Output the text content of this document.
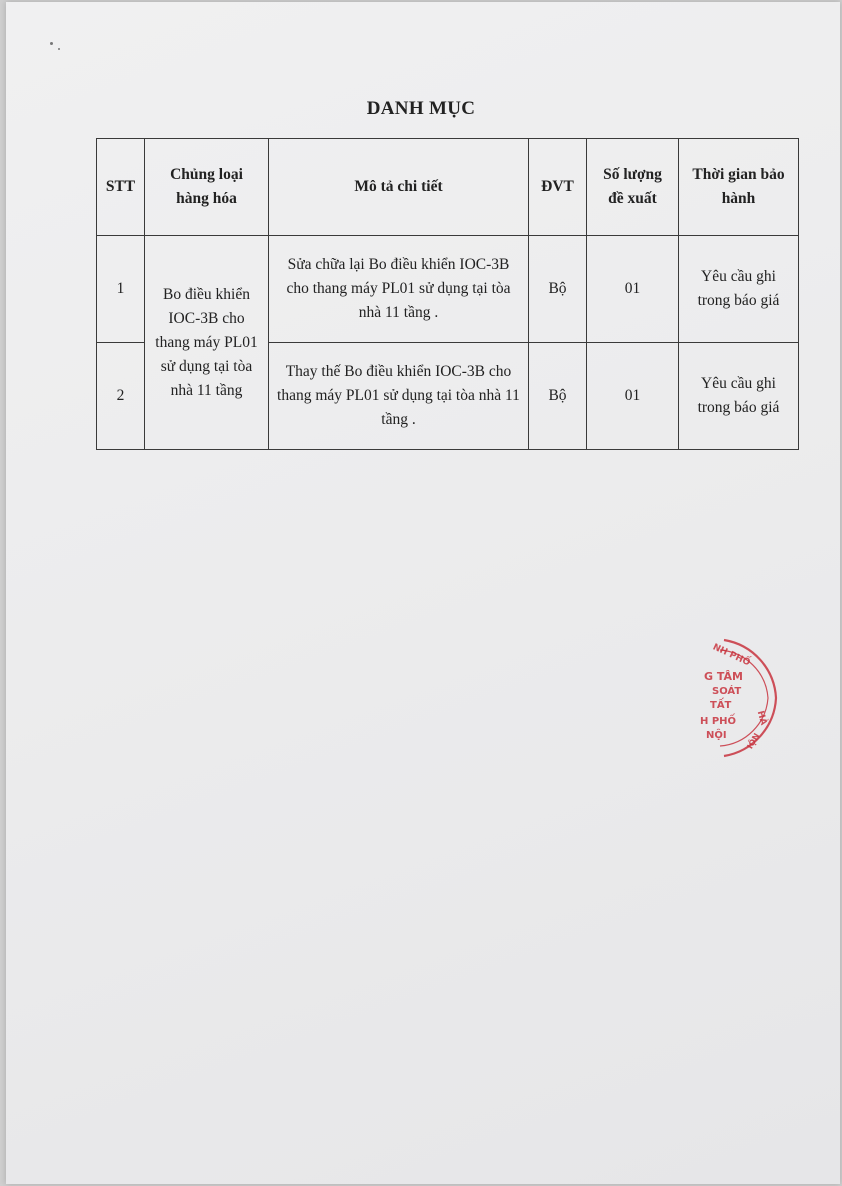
DANH MỤC
STT	Chủng loại hàng hóa	Mô tả chi tiết	ĐVT	Số lượng đề xuất	Thời gian bảo hành
1	Bo điều khiển IOC-3B cho thang máy PL01 sử dụng tại tòa nhà 11 tầng	Sửa chữa lại Bo điều khiển IOC-3B cho thang máy PL01 sử dụng tại tòa nhà 11 tầng .	Bộ	01	Yêu cầu ghi trong báo giá
2		Thay thế Bo điều khiển IOC-3B cho thang máy PL01 sử dụng tại tòa nhà 11 tầng .	Bộ	01	Yêu cầu ghi trong báo giá
NH PHỐ
G TÂM
SOÁT
TẤT
H PHỐ
NỘI
HÀ
IỘN
